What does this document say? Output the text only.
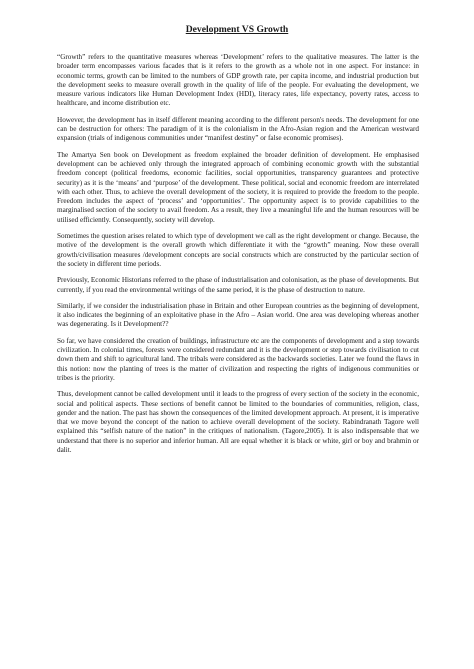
Development VS Growth

“Growth” refers to the quantitative measures whereas ‘Development’ refers to the qualitative measures. The latter is the broader term encompasses various facades that is it refers to the growth as a whole not in one aspect. For instance: in economic terms, growth can be limited to the numbers of GDP growth rate, per capita income, and industrial production but the development seeks to measure overall growth in the quality of life of the people. For evaluating the development, we measure various indicators like Human Development Index (HDI), literacy rates, life expectancy, poverty rates, access to healthcare, and income distribution etc.

However, the development has in itself different meaning according to the different person's needs. The development for one can be destruction for others: The paradigm of it is the colonialism in the Afro-Asian region and the American westward expansion (trials of indigenous communities under “manifest destiny” or false economic promises).

The Amartya Sen book on Development as freedom explained the broader definition of development. He emphasised development can be achieved only through the integrated approach of combining economic growth with the substantial freedom concept (political freedoms, economic facilities, social opportunities, transparency guarantees and protective security) as it is the ‘means’ and ‘purpose’ of the development. These political, social and economic freedom are interrelated with each other. Thus, to achieve the overall development of the society, it is required to provide the freedom to the people. Freedom includes the aspect of ‘process’ and ‘opportunities’. The opportunity aspect is to provide capabilities to the marginalised section of the society to avail freedom. As a result, they live a meaningful life and the human resources will be utilised efficiently. Consequently, society will develop.

Sometimes the question arises related to which type of development we call as the right development or change. Because, the motive of the development is the overall growth which differentiate it with the “growth” meaning. Now these overall growth/civilisation measures /development concepts are social constructs which are constructed by the particular section of the society in different time periods.

Previously, Economic Historians referred to the phase of industrialisation and colonisation, as the phase of developments. But currently, if you read the environmental writings of the same period, it is the phase of destruction to nature.

Similarly, if we consider the industrialisation phase in Britain and other European countries as the beginning of development, it also indicates the beginning of an exploitative phase in the Afro – Asian world. One area was developing whereas another was degenerating. Is it Development??

So far, we have considered the creation of buildings, infrastructure etc are the components of development and a step towards civilization. In colonial times, forests were considered redundant and it is the development or step towards civilisation to cut down them and shift to agricultural land. The tribals were considered as the backwards societies. Later we found the flaws in this notion: now the planting of trees is the matter of civilization and respecting the rights of indigenous communities or tribes is the priority.

Thus, development cannot be called development until it leads to the progress of every section of the society in the economic, social and political aspects. These sections of benefit cannot be limited to the boundaries of communities, religion, class, gender and the nation. The past has shown the consequences of the limited development approach. At present, it is imperative that we move beyond the concept of the nation to achieve overall development of the society. Rabindranath Tagore well explained this “selfish nature of the nation” in the critiques of nationalism. (Tagore,2005). It is also indispensable that we understand that there is no superior and inferior human. All are equal whether it is black or white, girl or boy and brahmin or dalit.
